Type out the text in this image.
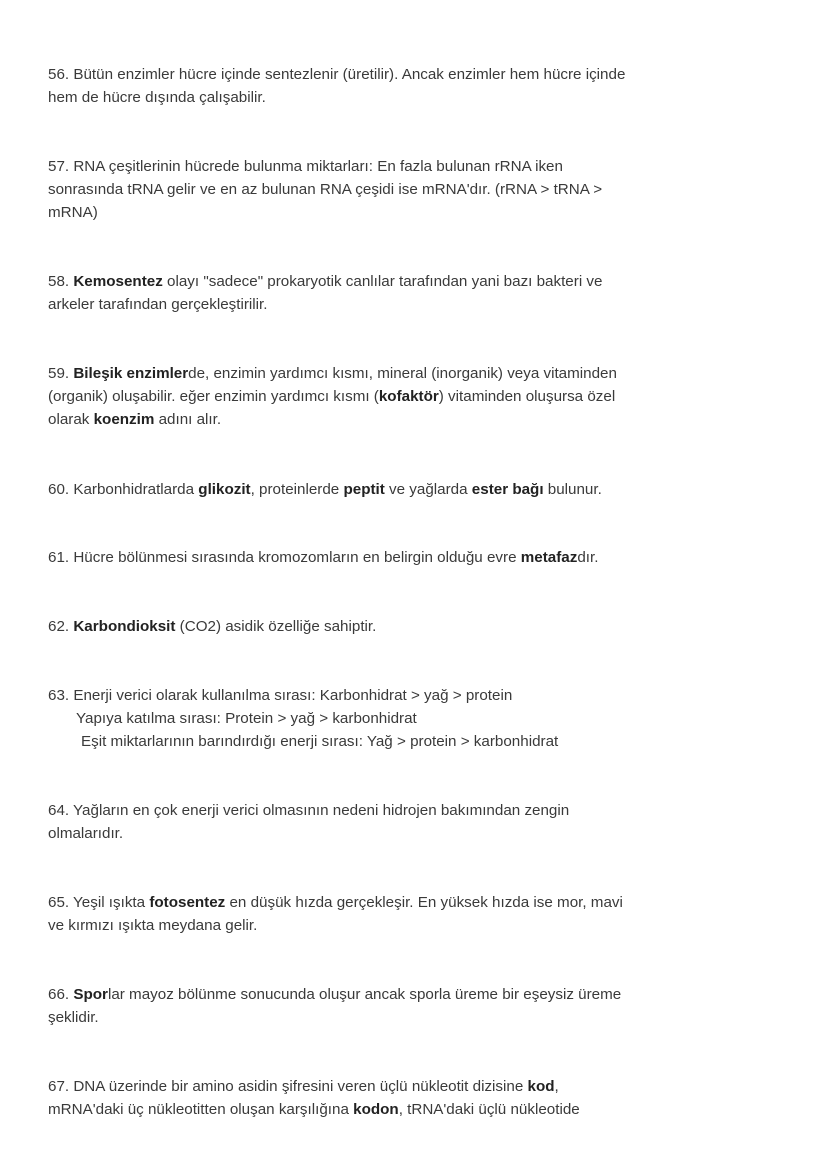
56. Bütün enzimler hücre içinde sentezlenir (üretilir). Ancak enzimler hem hücre içinde
hem de hücre dışında çalışabilir.

57. RNA çeşitlerinin hücrede bulunma miktarları: En fazla bulunan rRNA iken
sonrasında tRNA gelir ve en az bulunan RNA çeşidi ise mRNA'dır. (rRNA > tRNA >
mRNA)

58. Kemosentez olayı "sadece" prokaryotik canlılar tarafından yani bazı bakteri ve
arkeler tarafından gerçekleştirilir.

59. Bileşik enzimlerde, enzimin yardımcı kısmı, mineral (inorganik) veya vitaminden
(organik) oluşabilir. eğer enzimin yardımcı kısmı (kofaktör) vitaminden oluşursa özel
olarak koenzim adını alır.

60. Karbonhidratlarda glikozit, proteinlerde peptit ve yağlarda ester bağı bulunur.

61. Hücre bölünmesi sırasında kromozomların en belirgin olduğu evre metafazdır.

62. Karbondioksit (CO2) asidik özelliğe sahiptir.

63. Enerji verici olarak kullanılma sırası: Karbonhidrat > yağ > protein
Yapıya katılma sırası: Protein > yağ > karbonhidrat
Eşit miktarlarının barındırdığı enerji sırası: Yağ > protein > karbonhidrat

64. Yağların en çok enerji verici olmasının nedeni hidrojen bakımından zengin
olmalarıdır.

65. Yeşil ışıkta fotosentez en düşük hızda gerçekleşir. En yüksek hızda ise mor, mavi
ve kırmızı ışıkta meydana gelir.

66. Sporlar mayoz bölünme sonucunda oluşur ancak sporla üreme bir eşeysiz üreme
şeklidir.

67. DNA üzerinde bir amino asidin şifresini veren üçlü nükleotit dizisine kod,
mRNA'daki üç nükleotitten oluşan karşılığına kodon, tRNA'daki üçlü nükleotide
